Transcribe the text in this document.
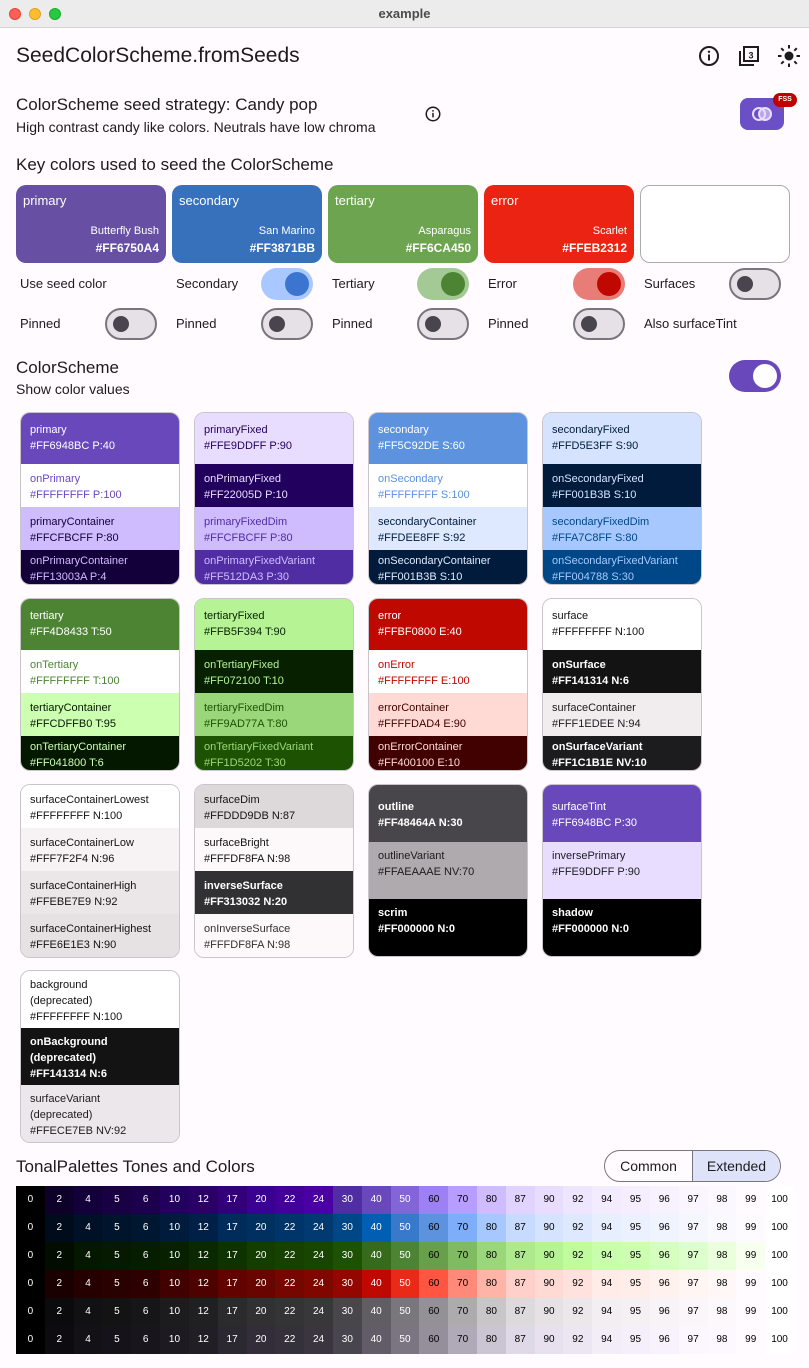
example
SeedColorScheme.fromSeeds	3
ColorScheme seed strategy: Candy pop
High contrast candy like colors. Neutrals have low chroma
FSS
Key colors used to seed the ColorScheme
primary
Butterfly Bush
#FF6750A4
secondary
San Marino
#FF3871BB
tertiary
Asparagus
#FF6CA450
error
Scarlet
#FFEB2312
Use seed color	Secondary	Tertiary	Error	Surfaces
Pinned	Pinned	Pinned	Pinned	Also surfaceTint
ColorScheme
Show color values
primary
#FF6948BC P:40
onPrimary
#FFFFFFFF P:100
primaryContainer
#FFCFBCFF P:80
onPrimaryContainer
#FF13003A P:4
primaryFixed
#FFE9DDFF P:90
onPrimaryFixed
#FF22005D P:10
primaryFixedDim
#FFCFBCFF P:80
onPrimaryFixedVariant
#FF512DA3 P:30
secondary
#FF5C92DE S:60
onSecondary
#FFFFFFFF S:100
secondaryContainer
#FFDEE8FF S:92
onSecondaryContainer
#FF001B3B S:10
secondaryFixed
#FFD5E3FF S:90
onSecondaryFixed
#FF001B3B S:10
secondaryFixedDim
#FFA7C8FF S:80
onSecondaryFixedVariant
#FF004788 S:30
tertiary
#FF4D8433 T:50
onTertiary
#FFFFFFFF T:100
tertiaryContainer
#FFCDFFB0 T:95
onTertiaryContainer
#FF041800 T:6
tertiaryFixed
#FFB5F394 T:90
onTertiaryFixed
#FF072100 T:10
tertiaryFixedDim
#FF9AD77A T:80
onTertiaryFixedVariant
#FF1D5202 T:30
error
#FFBF0800 E:40
onError
#FFFFFFFF E:100
errorContainer
#FFFFDAD4 E:90
onErrorContainer
#FF400100 E:10
surface
#FFFFFFFF N:100
onSurface
#FF141314 N:6
surfaceContainer
#FFF1EDEE N:94
onSurfaceVariant
#FF1C1B1E NV:10
surfaceContainerLowest
#FFFFFFFF N:100
surfaceContainerLow
#FFF7F2F4 N:96
surfaceContainerHigh
#FFEBE7E9 N:92
surfaceContainerHighest
#FFE6E1E3 N:90
surfaceDim
#FFDDD9DB N:87
surfaceBright
#FFFDF8FA N:98
inverseSurface
#FF313032 N:20
onInverseSurface
#FFFDF8FA N:98
outline
#FF48464A N:30
outlineVariant
#FFAEAAAE NV:70
scrim
#FF000000 N:0
surfaceTint
#FF6948BC P:30
inversePrimary
#FFE9DDFF P:90
shadow
#FF000000 N:0
background
(deprecated)
#FFFFFFFF N:100
onBackground
(deprecated)
#FF141314 N:6
surfaceVariant
(deprecated)
#FFECE7EB NV:92
TonalPalettes Tones and Colors	Common	Extended
0	2	4	5	6	10	12	17	20	22	24	30	40	50	60	70	80	87	90	92	94	95	96	97	98	99	100
0	2	4	5	6	10	12	17	20	22	24	30	40	50	60	70	80	87	90	92	94	95	96	97	98	99	100
0	2	4	5	6	10	12	17	20	22	24	30	40	50	60	70	80	87	90	92	94	95	96	97	98	99	100
0	2	4	5	6	10	12	17	20	22	24	30	40	50	60	70	80	87	90	92	94	95	96	97	98	99	100
0	2	4	5	6	10	12	17	20	22	24	30	40	50	60	70	80	87	90	92	94	95	96	97	98	99	100
0	2	4	5	6	10	12	17	20	22	24	30	40	50	60	70	80	87	90	92	94	95	96	97	98	99	100
